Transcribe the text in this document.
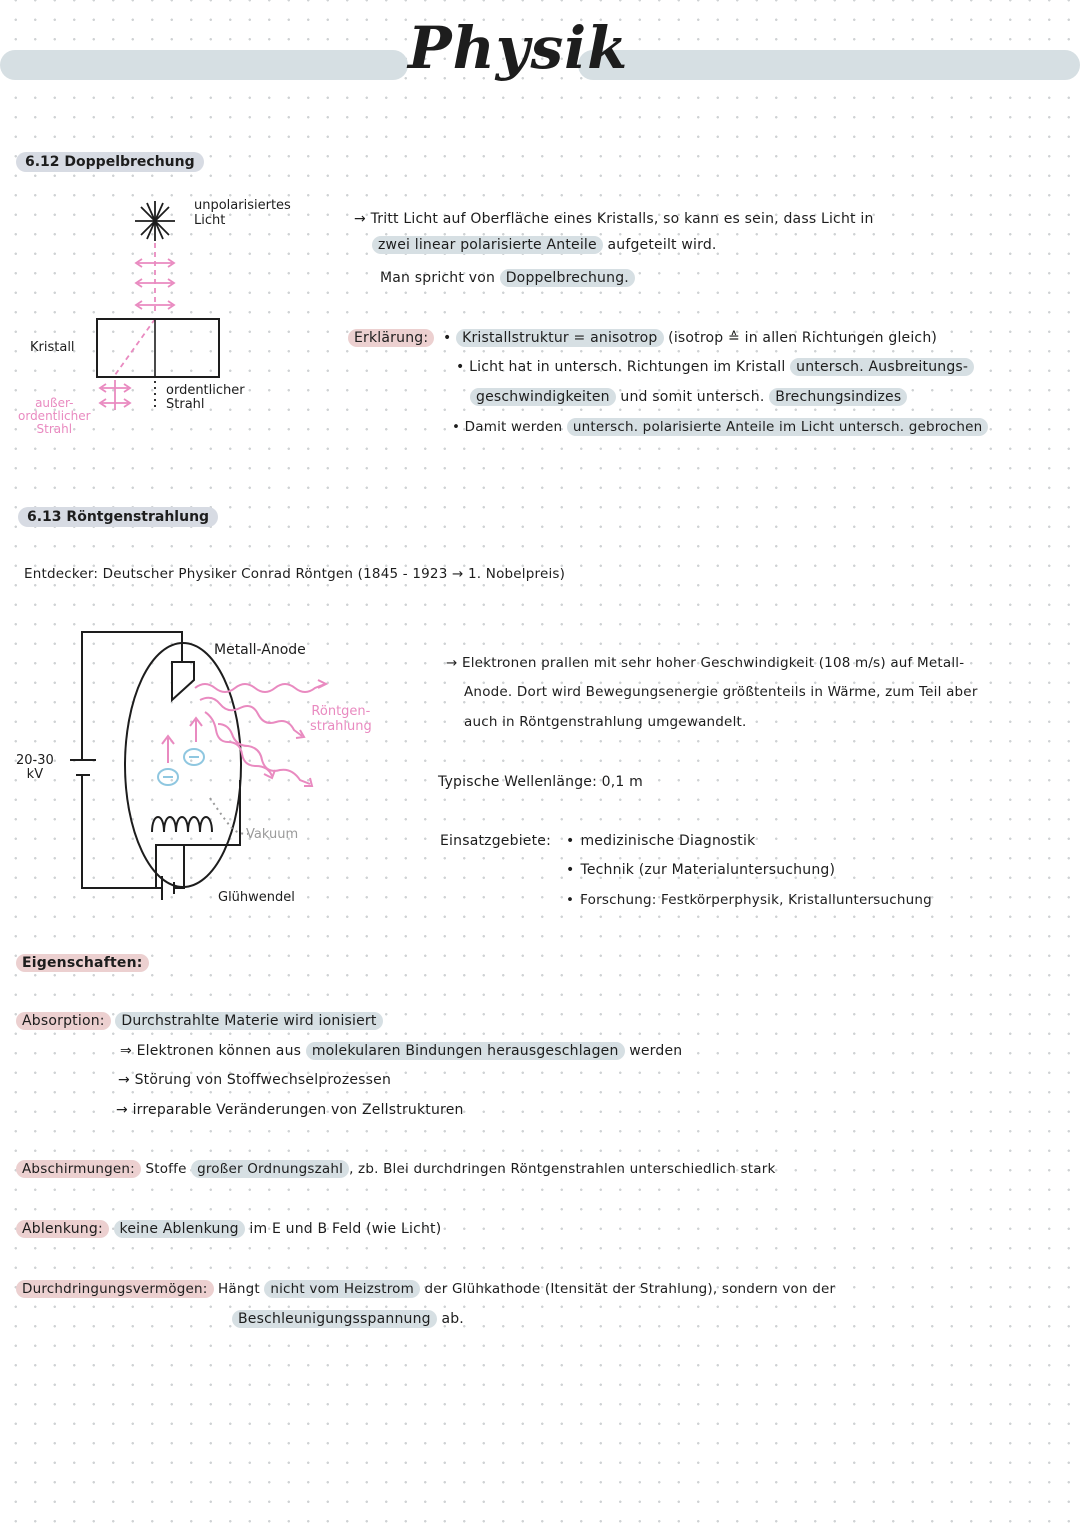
Physik
6.12 Doppelbrechung
unpolarisiertes
Licht
Kristall
ordentlicher
Strahl
außer-
ordentlicher
Strahl
→ Tritt Licht auf Oberfläche eines Kristalls, so kann es sein, dass Licht in
zwei linear polarisierte Anteile aufgeteilt wird.
Man spricht von Doppelbrechung.
Erklärung: • Kristallstruktur = anisotrop (isotrop ≙ in allen Richtungen gleich)
• Licht hat in untersch. Richtungen im Kristall untersch. Ausbreitungs-
geschwindigkeiten und somit untersch. Brechungsindizes
• Damit werden untersch. polarisierte Anteile im Licht untersch. gebrochen
6.13 Röntgenstrahlung
Entdecker: Deutscher Physiker Conrad Röntgen (1845 - 1923 → 1. Nobelpreis)
Metall-Anode
Röntgen-
strahlung
20-30
kV
Vakuum
Glühwendel
→ Elektronen prallen mit sehr hoher Geschwindigkeit (108 m/s) auf Metall-
Anode. Dort wird Bewegungsenergie größtenteils in Wärme, zum Teil aber
auch in Röntgenstrahlung umgewandelt.
Typische Wellenlänge: 0,1 m
Einsatzgebiete:
•	medizinische Diagnostik
• Technik (zur Materialuntersuchung)
• Forschung: Festkörperphysik, Kristalluntersuchung
Eigenschaften:
Absorption: Durchstrahlte Materie wird ionisiert
⇒ Elektronen können aus molekularen Bindungen herausgeschlagen werden
→ Störung von Stoffwechselprozessen
→ irreparable Veränderungen von Zellstrukturen
Abschirmungen: Stoffe großer Ordnungszahl , zb. Blei durchdringen Röntgenstrahlen unterschiedlich stark
Ablenkung: keine Ablenkung im E und B Feld (wie Licht)
Durchdringungsvermögen: Hängt nicht vom Heizstrom der Glühkathode (Itensität der Strahlung), sondern von der
Beschleunigungsspannung ab.
